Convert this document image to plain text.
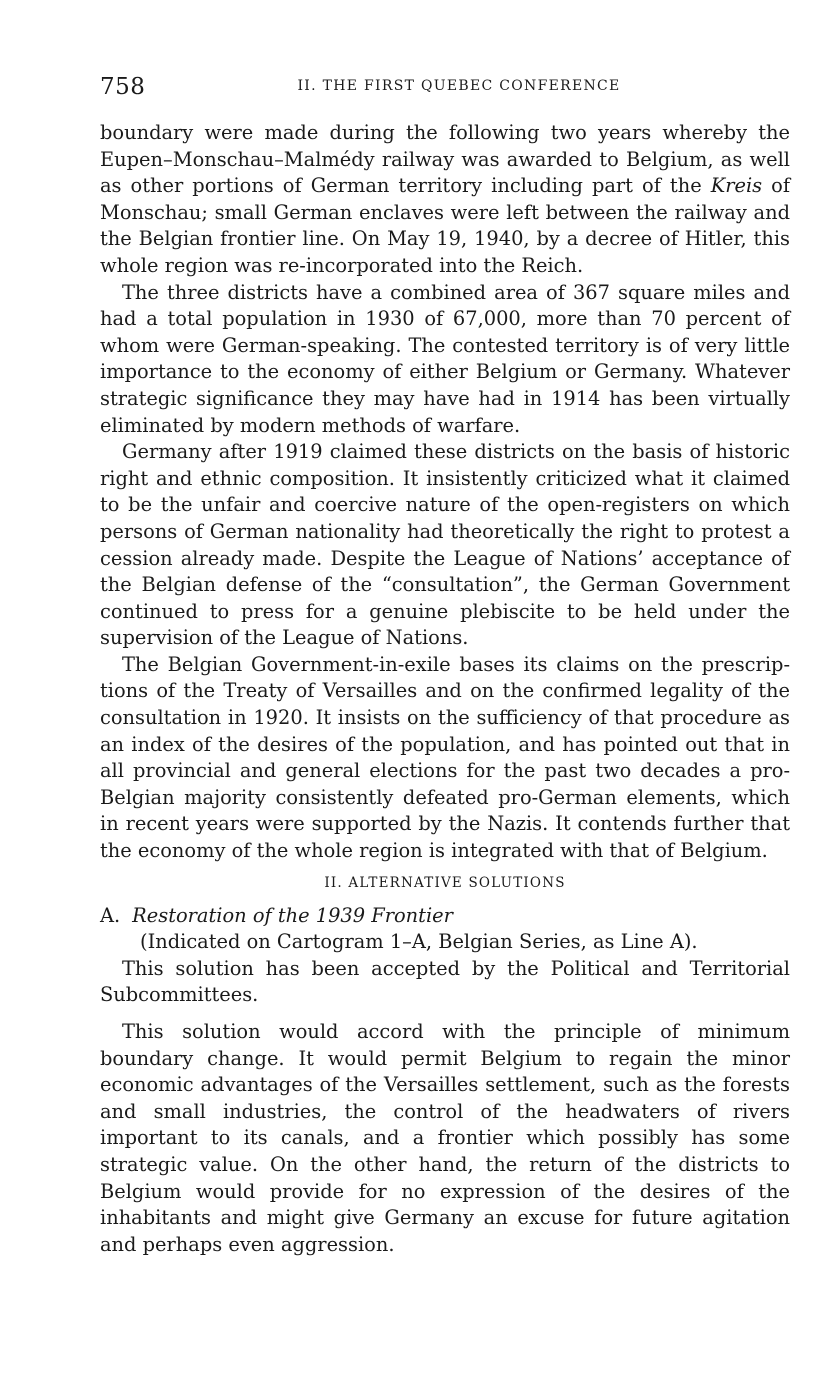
758	II. THE FIRST QUEBEC CONFERENCE

boundary were made during the following two years whereby the Eupen–Monschau–Malmédy railway was awarded to Belgium, as well as other portions of German territory including part of the Kreis of Monschau; small German enclaves were left between the railway and the Belgian frontier line. On May 19, 1940, by a decree of Hitler, this whole region was re-incorporated into the Reich.

The three districts have a combined area of 367 square miles and had a total population in 1930 of 67,000, more than 70 percent of whom were German-speaking. The contested territory is of very little importance to the economy of either Belgium or Germany. Whatever strategic significance they may have had in 1914 has been virtually eliminated by modern methods of warfare.

Germany after 1919 claimed these districts on the basis of historic right and ethnic composition. It insistently criticized what it claimed to be the unfair and coercive nature of the open-registers on which persons of German nationality had theoretically the right to protest a cession already made. Despite the League of Nations’ acceptance of the Belgian defense of the “consultation”, the German Government continued to press for a genuine plebiscite to be held under the supervision of the League of Nations.

The Belgian Government-in-exile bases its claims on the prescriptions of the Treaty of Versailles and on the confirmed legality of the consultation in 1920. It insists on the sufficiency of that procedure as an index of the desires of the population, and has pointed out that in all provincial and general elections for the past two decades a pro-Belgian majority consistently defeated pro-German elements, which in recent years were supported by the Nazis. It contends further that the economy of the whole region is integrated with that of Belgium.

II. ALTERNATIVE SOLUTIONS

A. Restoration of the 1939 Frontier

(Indicated on Cartogram 1–A, Belgian Series, as Line A).

This solution has been accepted by the Political and Territorial Subcommittees.

This solution would accord with the principle of minimum boundary change. It would permit Belgium to regain the minor economic advantages of the Versailles settlement, such as the forests and small industries, the control of the headwaters of rivers important to its canals, and a frontier which possibly has some strategic value. On the other hand, the return of the districts to Belgium would provide for no expression of the desires of the inhabitants and might give Germany an excuse for future agitation and perhaps even aggression.
